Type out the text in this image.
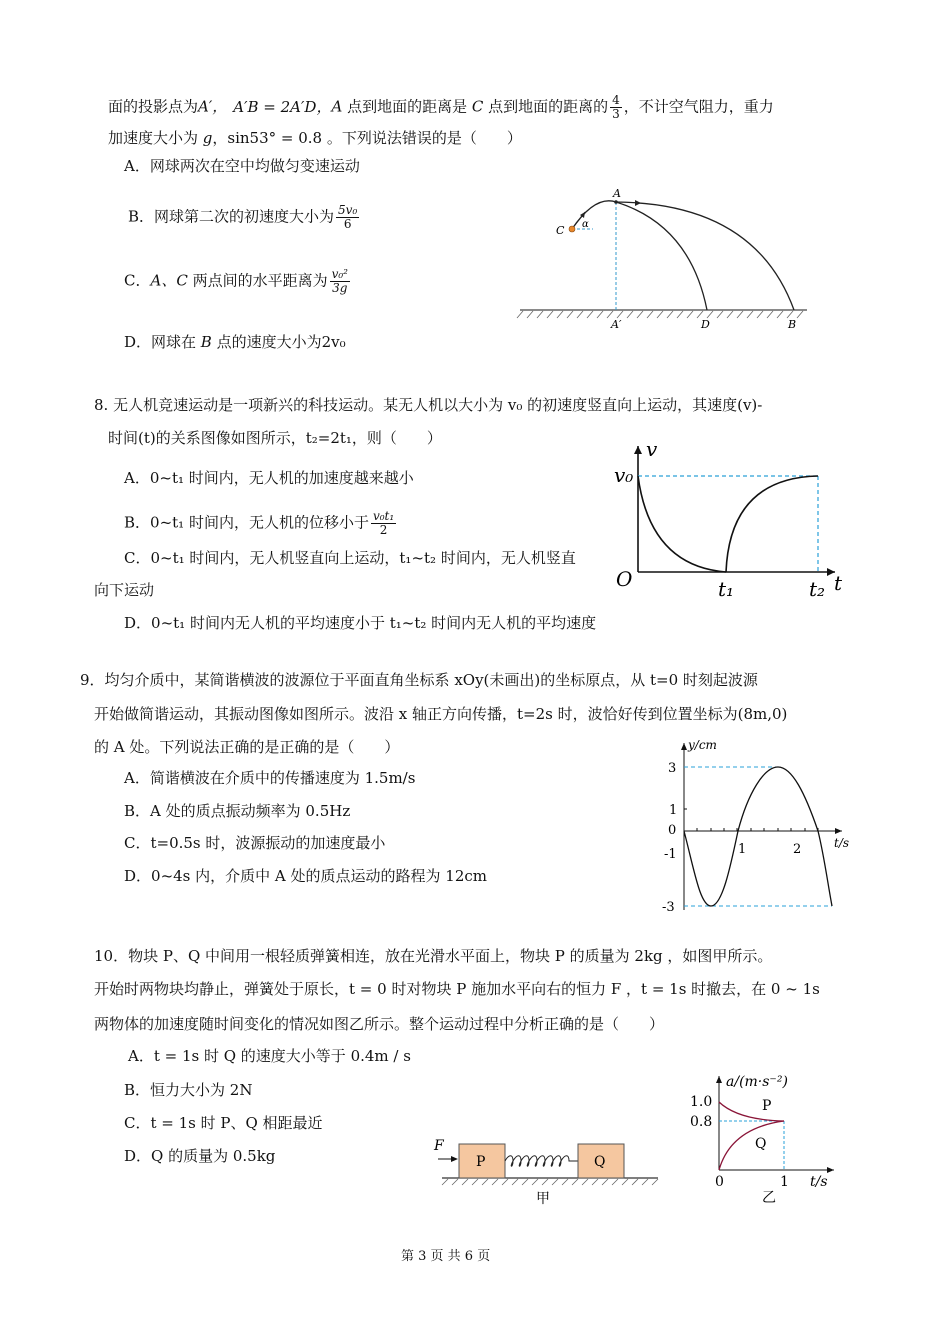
面的投影点为A′， A′B = 2A′D，A 点到地面的距离是 C 点到地面的距离的 $\frac{4}{3}$ ，不计空气阻力，重力
加速度大小为 g，sin53° = 0.8 。下列说法错误的是（　　）
A．网球两次在空中均做匀变速运动
B．网球第二次的初速度大小为 $\frac{\text{5v₀}}{6}$
C．A、C 两点间的水平距离为 $\frac{\text{v₀²}}{3g}$
D．网球在 B 点的速度大小为2v₀
A
C α
A′	D	B
8. 无人机竞速运动是一项新兴的科技运动。某无人机以大小为 v₀ 的初速度竖直向上运动，其速度(v)-
时间(t)的关系图像如图所示，t₂=2t₁，则（　　）
A．0~t₁ 时间内，无人机的加速度越来越小
B．0~t₁ 时间内，无人机的位移小于 $\frac{\text{v₀t₁}}{2}$
C．0~t₁ 时间内，无人机竖直向上运动，t₁~t₂ 时间内，无人机竖直
向下运动
D．0~t₁ 时间内无人机的平均速度小于 t₁~t₂ 时间内无人机的平均速度
v
v₀
O	t₁	t₂ t
9．均匀介质中，某简谐横波的波源位于平面直角坐标系 xOy(未画出)的坐标原点，从 t=0 时刻起波源
开始做简谐运动，其振动图像如图所示。波沿 x 轴正方向传播，t=2s 时，波恰好传到位置坐标为(8m,0)
的 A 处。下列说法正确的是正确的是（　　）
A．简谐横波在介质中的传播速度为 1.5m/s
B．A 处的质点振动频率为 0.5Hz
C．t=0.5s 时，波源振动的加速度最小
D．0~4s 内，介质中 A 处的质点运动的路程为 12cm
y/cm
t/s
3
1
0
-1
-3
1	2
10．物块 P、Q 中间用一根轻质弹簧相连，放在光滑水平面上，物块 P 的质量为 2kg ，如图甲所示。
开始时两物块均静止，弹簧处于原长，t = 0 时对物块 P 施加水平向右的恒力 F ，t = 1s 时撤去，在 0 ~ 1s
两物体的加速度随时间变化的情况如图乙所示。整个运动过程中分析正确的是（　　）
A．t = 1s 时 Q 的速度大小等于 0.4m / s
B．恒力大小为 2N
C．t = 1s 时 P、Q 相距最近
D．Q 的质量为 0.5kg
F
P	Q
甲
a/(m·s⁻²)
1.0
0.8
P
Q
0	1 t/s
乙
第 3 页 共 6 页
